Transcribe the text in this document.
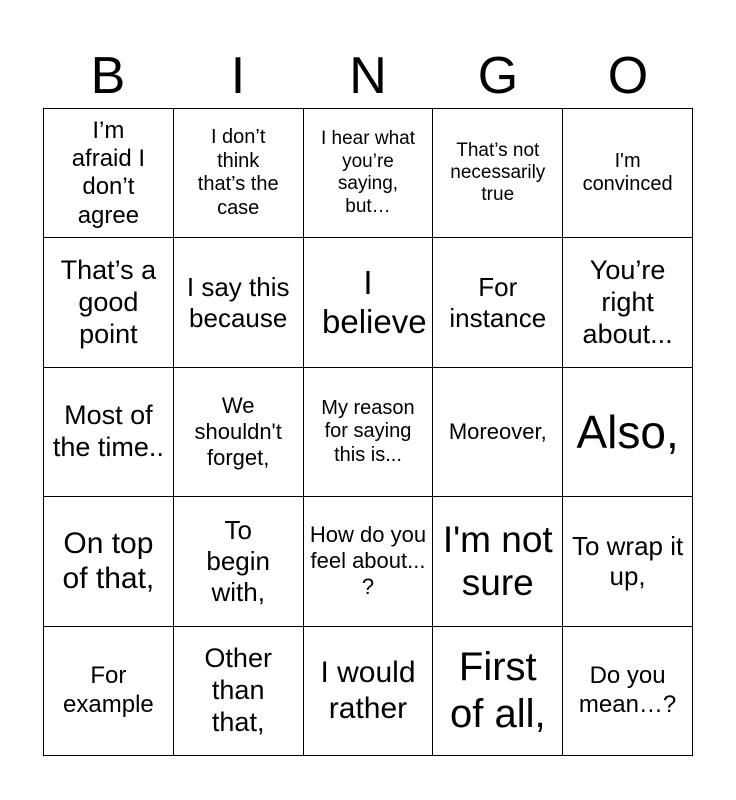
B	I	N	G	O
I’m afraid I don’t agree
I don’t think that’s the case
I hear what you’re saying, but…
That’s not necessarily true
I'm convinced
That’s a good point
I say this because
I believe
For instance
You’re right about...
Most of the time..
We shouldn't forget,
My reason for saying this is...
Moreover, Also,
On top of that,
To begin with,
How do you feel about... ?
I'm not sure
To wrap it up,
For example
Other than that,
I would rather
First of all,
Do you mean…?
